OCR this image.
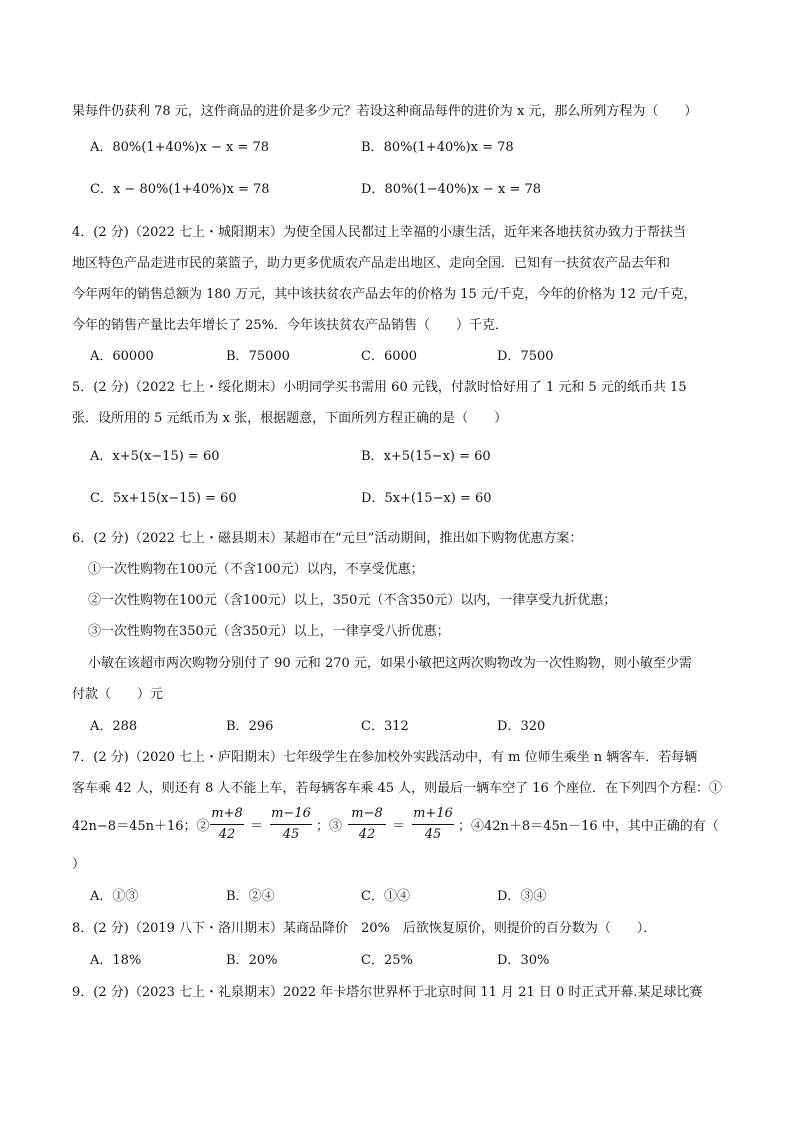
果每件仍获利 78 元，这件商品的进价是多少元？若设这种商品每件的进价为 x 元，那么所列方程为（　　）
A．80%(1+40%)x − x = 78	B．80%(1+40%)x = 78
C．x − 80%(1+40%)x = 78	D．80%(1−40%)x − x = 78
4．(2 分)（2022 七上・城阳期末）为使全国人民都过上幸福的小康生活，近年来各地扶贫办致力于帮扶当
地区特色产品走进市民的菜篮子，助力更多优质农产品走出地区、走向全国．已知有一扶贫农产品去年和
今年两年的销售总额为 180 万元，其中该扶贫农产品去年的价格为 15 元/千克，今年的价格为 12 元/千克，
今年的销售产量比去年增长了 25%．今年该扶贫农产品销售（　　）千克．
A．60000	B．75000	C．6000	D．7500
5．(2 分)（2022 七上・绥化期末）小明同学买书需用 60 元钱，付款时恰好用了 1 元和 5 元的纸币共 15
张．设所用的 5 元纸币为 x 张，根据题意，下面所列方程正确的是（　　）
A．x+5(x−15) = 60	B．x+5(15−x) = 60
C．5x+15(x−15) = 60	D．5x+(15−x) = 60
6．(2 分)（2022 七上・磁县期末）某超市在“元旦”活动期间，推出如下购物优惠方案：
①一次性购物在100元（不含100元）以内，不享受优惠；
②一次性购物在100元（含100元）以上，350元（不含350元）以内，一律享受九折优惠；
③一次性购物在350元（含350元）以上，一律享受八折优惠；
小敏在该超市两次购物分别付了 90 元和 270 元，如果小敏把这两次购物改为一次性购物，则小敏至少需
付款（　　）元
A．288	B．296	C．312	D．320
7．(2 分)（2020 七上・庐阳期末）七年级学生在参加校外实践活动中，有 m 位师生乘坐 n 辆客车．若每辆
客车乘 42 人，则还有 8 人不能上车，若每辆客车乘 45 人，则最后一辆车空了 16 个座位．在下列四个方程：①
42n−8＝45n＋16；②
m+8
42
＝
m−16
45
；③
m−8
42
＝
m+16
45
；④42n＋8＝45n－16 中，其中正确的有（
）
A．①③	B．②④	C．①④	D．③④
8．(2 分)（2019 八下・洛川期末）某商品降价　20%　后欲恢复原价，则提价的百分数为（　　）．
A．18%	B．20%	C．25%	D．30%
9．(2 分)（2023 七上・礼泉期末）2022 年卡塔尔世界杯于北京时间 11 月 21 日 0 时正式开幕.某足球比赛
